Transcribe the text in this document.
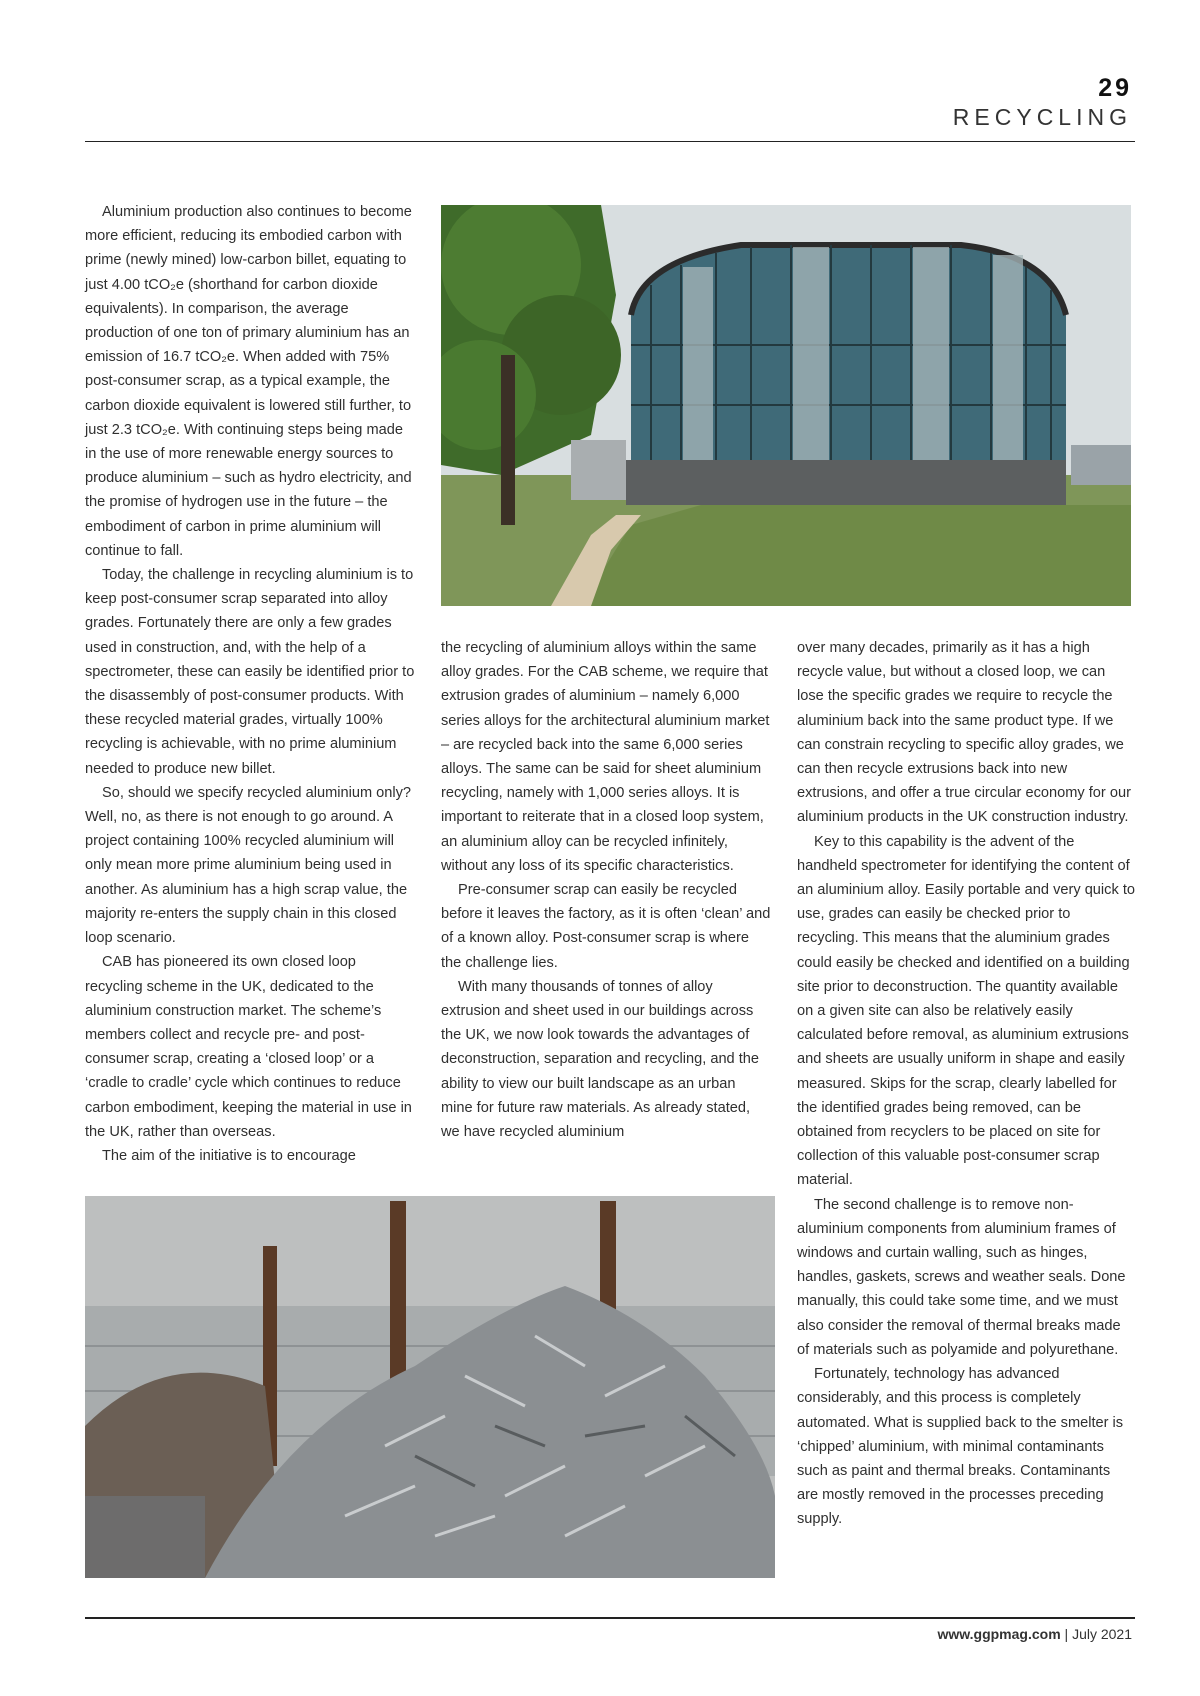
29
RECYCLING

Aluminium production also continues to become more efficient, reducing its embodied carbon with prime (newly mined) low-carbon billet, equating to just 4.00 tCO₂e (shorthand for carbon dioxide equivalents). In comparison, the average production of one ton of primary aluminium has an emission of 16.7 tCO₂e. When added with 75% post-consumer scrap, as a typical example, the carbon dioxide equivalent is lowered still further, to just 2.3 tCO₂e. With continuing steps being made in the use of more renewable energy sources to produce aluminium – such as hydro electricity, and the promise of hydrogen use in the future – the embodiment of carbon in prime aluminium will continue to fall.

Today, the challenge in recycling aluminium is to keep post-consumer scrap separated into alloy grades. Fortunately there are only a few grades used in construction, and, with the help of a spectrometer, these can easily be identified prior to the disassembly of post-consumer products. With these recycled material grades, virtually 100% recycling is achievable, with no prime aluminium needed to produce new billet.

So, should we specify recycled aluminium only? Well, no, as there is not enough to go around. A project containing 100% recycled aluminium will only mean more prime aluminium being used in another. As aluminium has a high scrap value, the majority re-enters the supply chain in this closed loop scenario.

CAB has pioneered its own closed loop recycling scheme in the UK, dedicated to the aluminium construction market. The scheme’s members collect and recycle pre- and post-consumer scrap, creating a ‘closed loop’ or a ‘cradle to cradle’ cycle which continues to reduce carbon embodiment, keeping the material in use in the UK, rather than overseas.

The aim of the initiative is to encourage

the recycling of aluminium alloys within the same alloy grades. For the CAB scheme, we require that extrusion grades of aluminium – namely 6,000 series alloys for the architectural aluminium market – are recycled back into the same 6,000 series alloys. The same can be said for sheet aluminium recycling, namely with 1,000 series alloys. It is important to reiterate that in a closed loop system, an aluminium alloy can be recycled infinitely, without any loss of its specific characteristics.

Pre-consumer scrap can easily be recycled before it leaves the factory, as it is often ‘clean’ and of a known alloy. Post-consumer scrap is where the challenge lies.

With many thousands of tonnes of alloy extrusion and sheet used in our buildings across the UK, we now look towards the advantages of deconstruction, separation and recycling, and the ability to view our built landscape as an urban mine for future raw materials. As already stated, we have recycled aluminium

over many decades, primarily as it has a high recycle value, but without a closed loop, we can lose the specific grades we require to recycle the aluminium back into the same product type. If we can constrain recycling to specific alloy grades, we can then recycle extrusions back into new extrusions, and offer a true circular economy for our aluminium products in the UK construction industry.

Key to this capability is the advent of the handheld spectrometer for identifying the content of an aluminium alloy. Easily portable and very quick to use, grades can easily be checked prior to recycling. This means that the aluminium grades could easily be checked and identified on a building site prior to deconstruction. The quantity available on a given site can also be relatively easily calculated before removal, as aluminium extrusions and sheets are usually uniform in shape and easily measured. Skips for the scrap, clearly labelled for the identified grades being removed, can be obtained from recyclers to be placed on site for collection of this valuable post-consumer scrap material.

The second challenge is to remove non-aluminium components from aluminium frames of windows and curtain walling, such as hinges, handles, gaskets, screws and weather seals. Done manually, this could take some time, and we must also consider the removal of thermal breaks made of materials such as polyamide and polyurethane.

Fortunately, technology has advanced considerably, and this process is completely automated. What is supplied back to the smelter is ‘chipped’ aluminium, with minimal contaminants such as paint and thermal breaks. Contaminants are mostly removed in the processes preceding supply.

www.ggpmag.com | July 2021
